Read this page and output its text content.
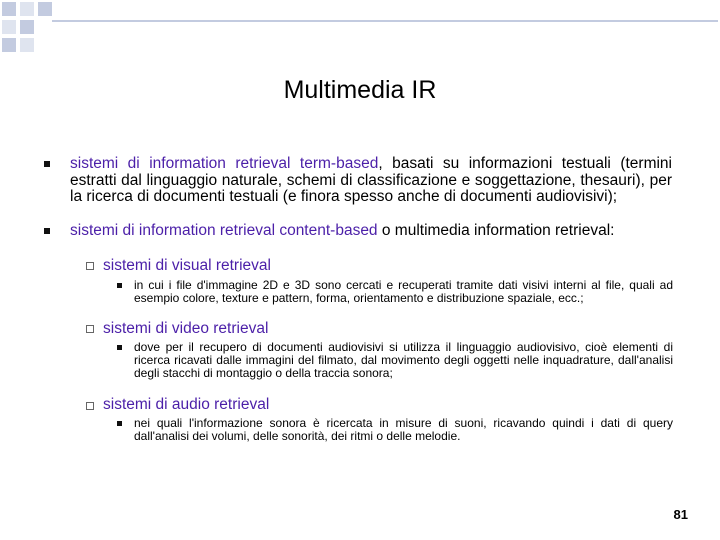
Multimedia IR

sistemi di information retrieval term-based, basati su informazioni testuali (termini estratti dal linguaggio naturale, schemi di classificazione e soggettazione, thesauri), per la ricerca di documenti testuali (e finora spesso anche di documenti audiovisivi);

sistemi di information retrieval content-based o multimedia information retrieval:

sistemi di visual retrieval

in cui i file d'immagine 2D e 3D sono cercati e recuperati tramite dati visivi interni al file, quali ad esempio colore, texture e pattern, forma, orientamento e distribuzione spaziale, ecc.;

sistemi di video retrieval

dove per il recupero di documenti audiovisivi si utilizza il linguaggio audiovisivo, cioè elementi di ricerca ricavati dalle immagini del filmato, dal movimento degli oggetti nelle inquadrature, dall'analisi degli stacchi di montaggio o della traccia sonora;

sistemi di audio retrieval

nei quali l'informazione sonora è ricercata in misure di suoni, ricavando quindi i dati di query dall'analisi dei volumi, delle sonorità, dei ritmi o delle melodie.

81
